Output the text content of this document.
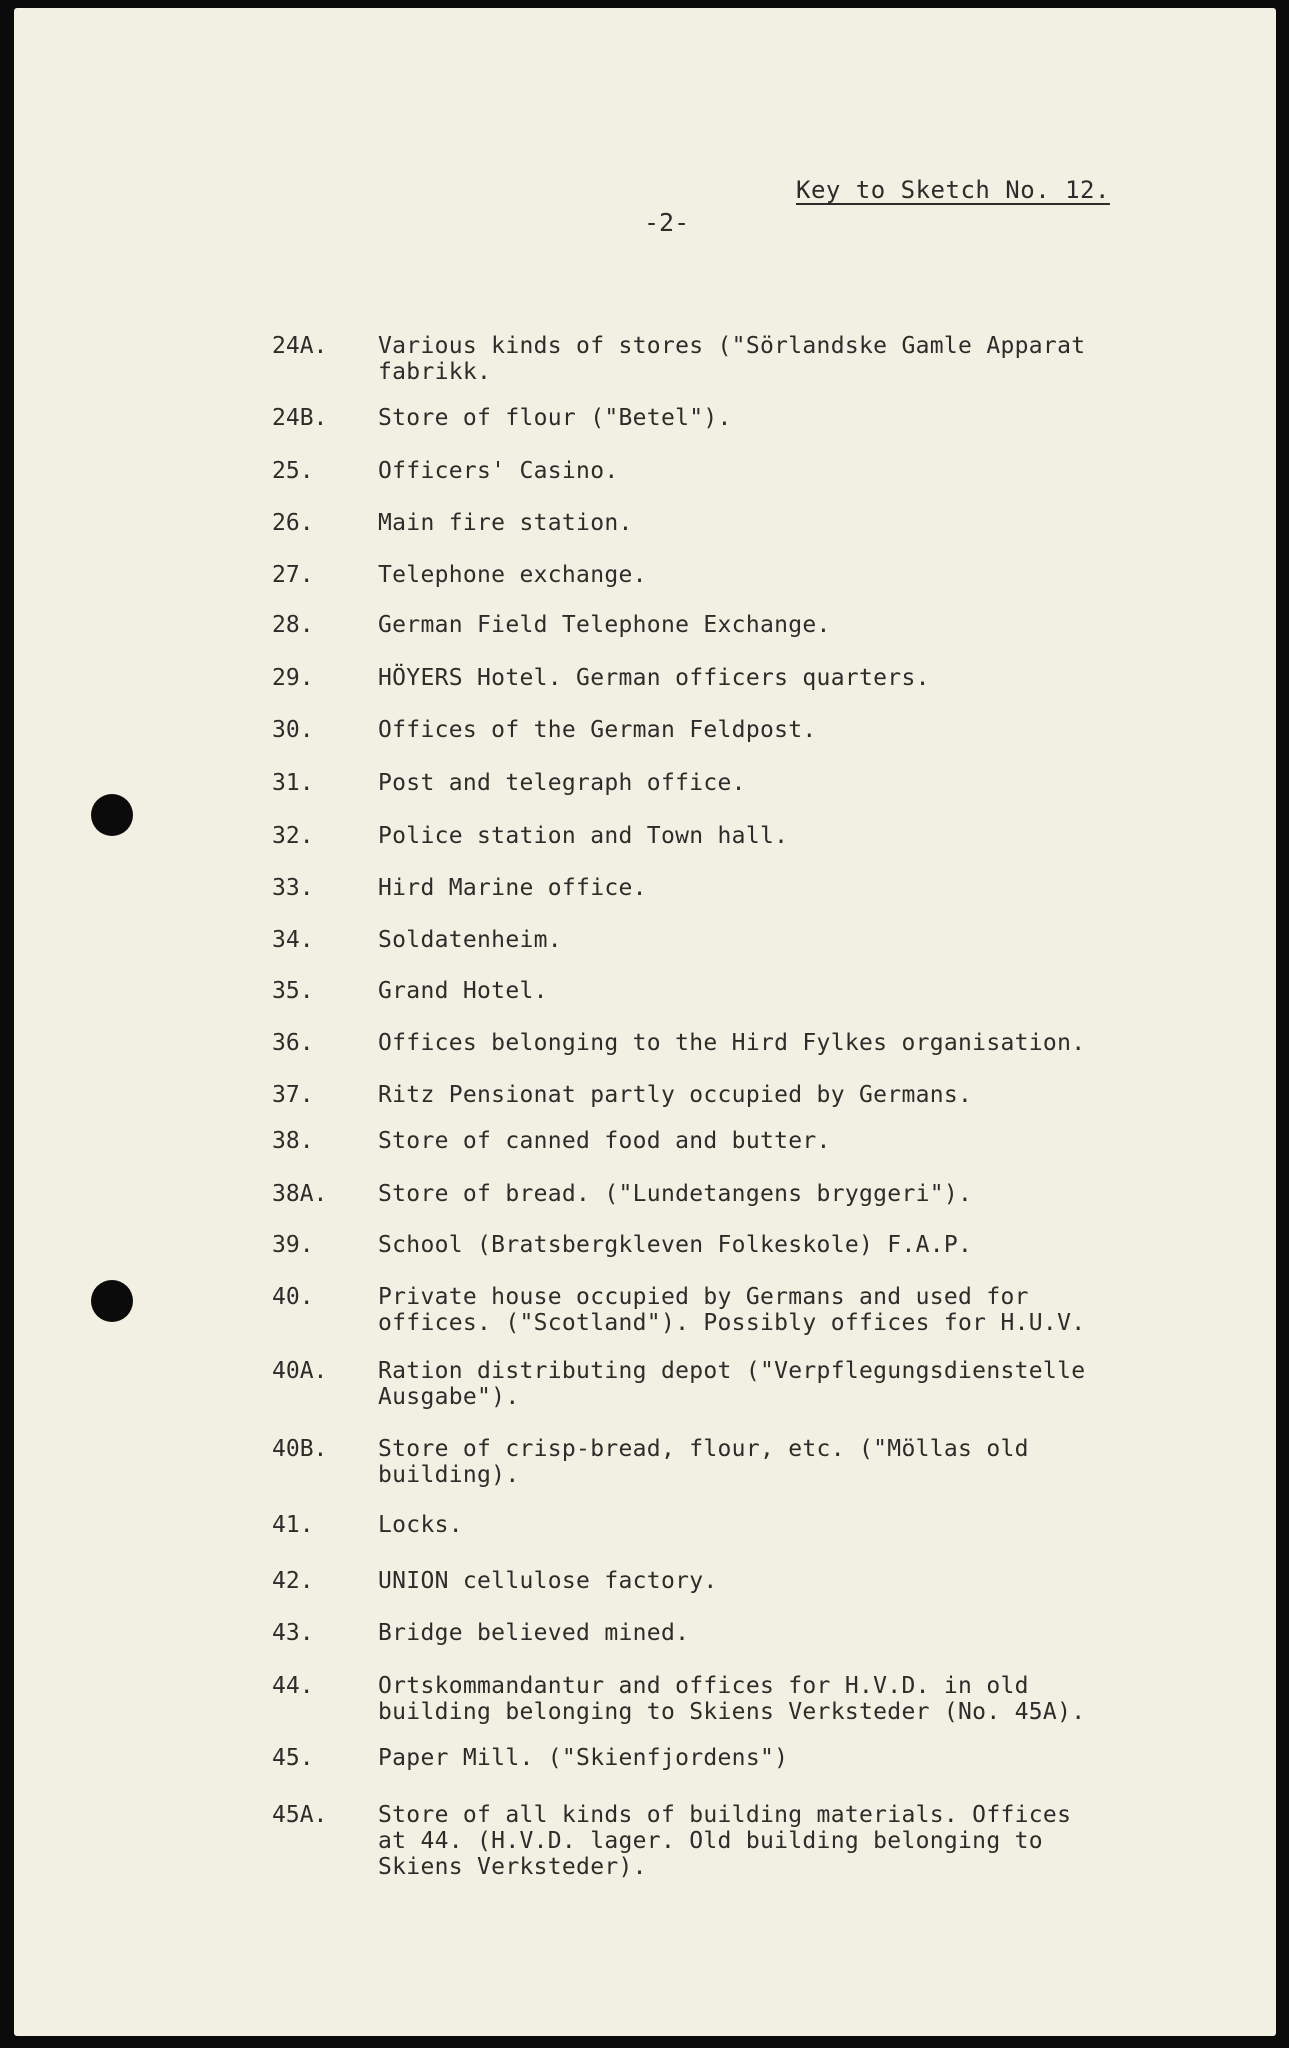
Key to Sketch No. 12.
-2-
24A. Various kinds of stores ("Sörlandske Gamle Apparat
fabrikk.
24B. Store of flour ("Betel").
25.	Officers' Casino.
26.	Main fire station.
27.	Telephone exchange.
28.	German Field Telephone Exchange.
29.	HÖYERS Hotel. German officers quarters.
30.	Offices of the German Feldpost.
31.	Post and telegraph office.
32.	Police station and Town hall.
33.	Hird Marine office.
34.	Soldatenheim.
35.	Grand Hotel.
36.	Offices belonging to the Hird Fylkes organisation.
37.	Ritz Pensionat partly occupied by Germans.
38.	Store of canned food and butter.
38A. Store of bread. ("Lundetangens bryggeri").
39.	School (Bratsbergkleven Folkeskole) F.A.P.
40.	Private house occupied by Germans and used for
offices. ("Scotland"). Possibly offices for H.U.V.
40A. Ration distributing depot ("Verpflegungsdienstelle
Ausgabe").
40B. Store of crisp-bread, flour, etc. ("Möllas old
building).
41.	Locks.
42.	UNION cellulose factory.
43.	Bridge believed mined.
44.	Ortskommandantur and offices for H.V.D. in old
building belonging to Skiens Verksteder (No. 45A).
45.	Paper Mill. ("Skienfjordens")
45A. Store of all kinds of building materials. Offices
at 44. (H.V.D. lager. Old building belonging to
Skiens Verksteder).
